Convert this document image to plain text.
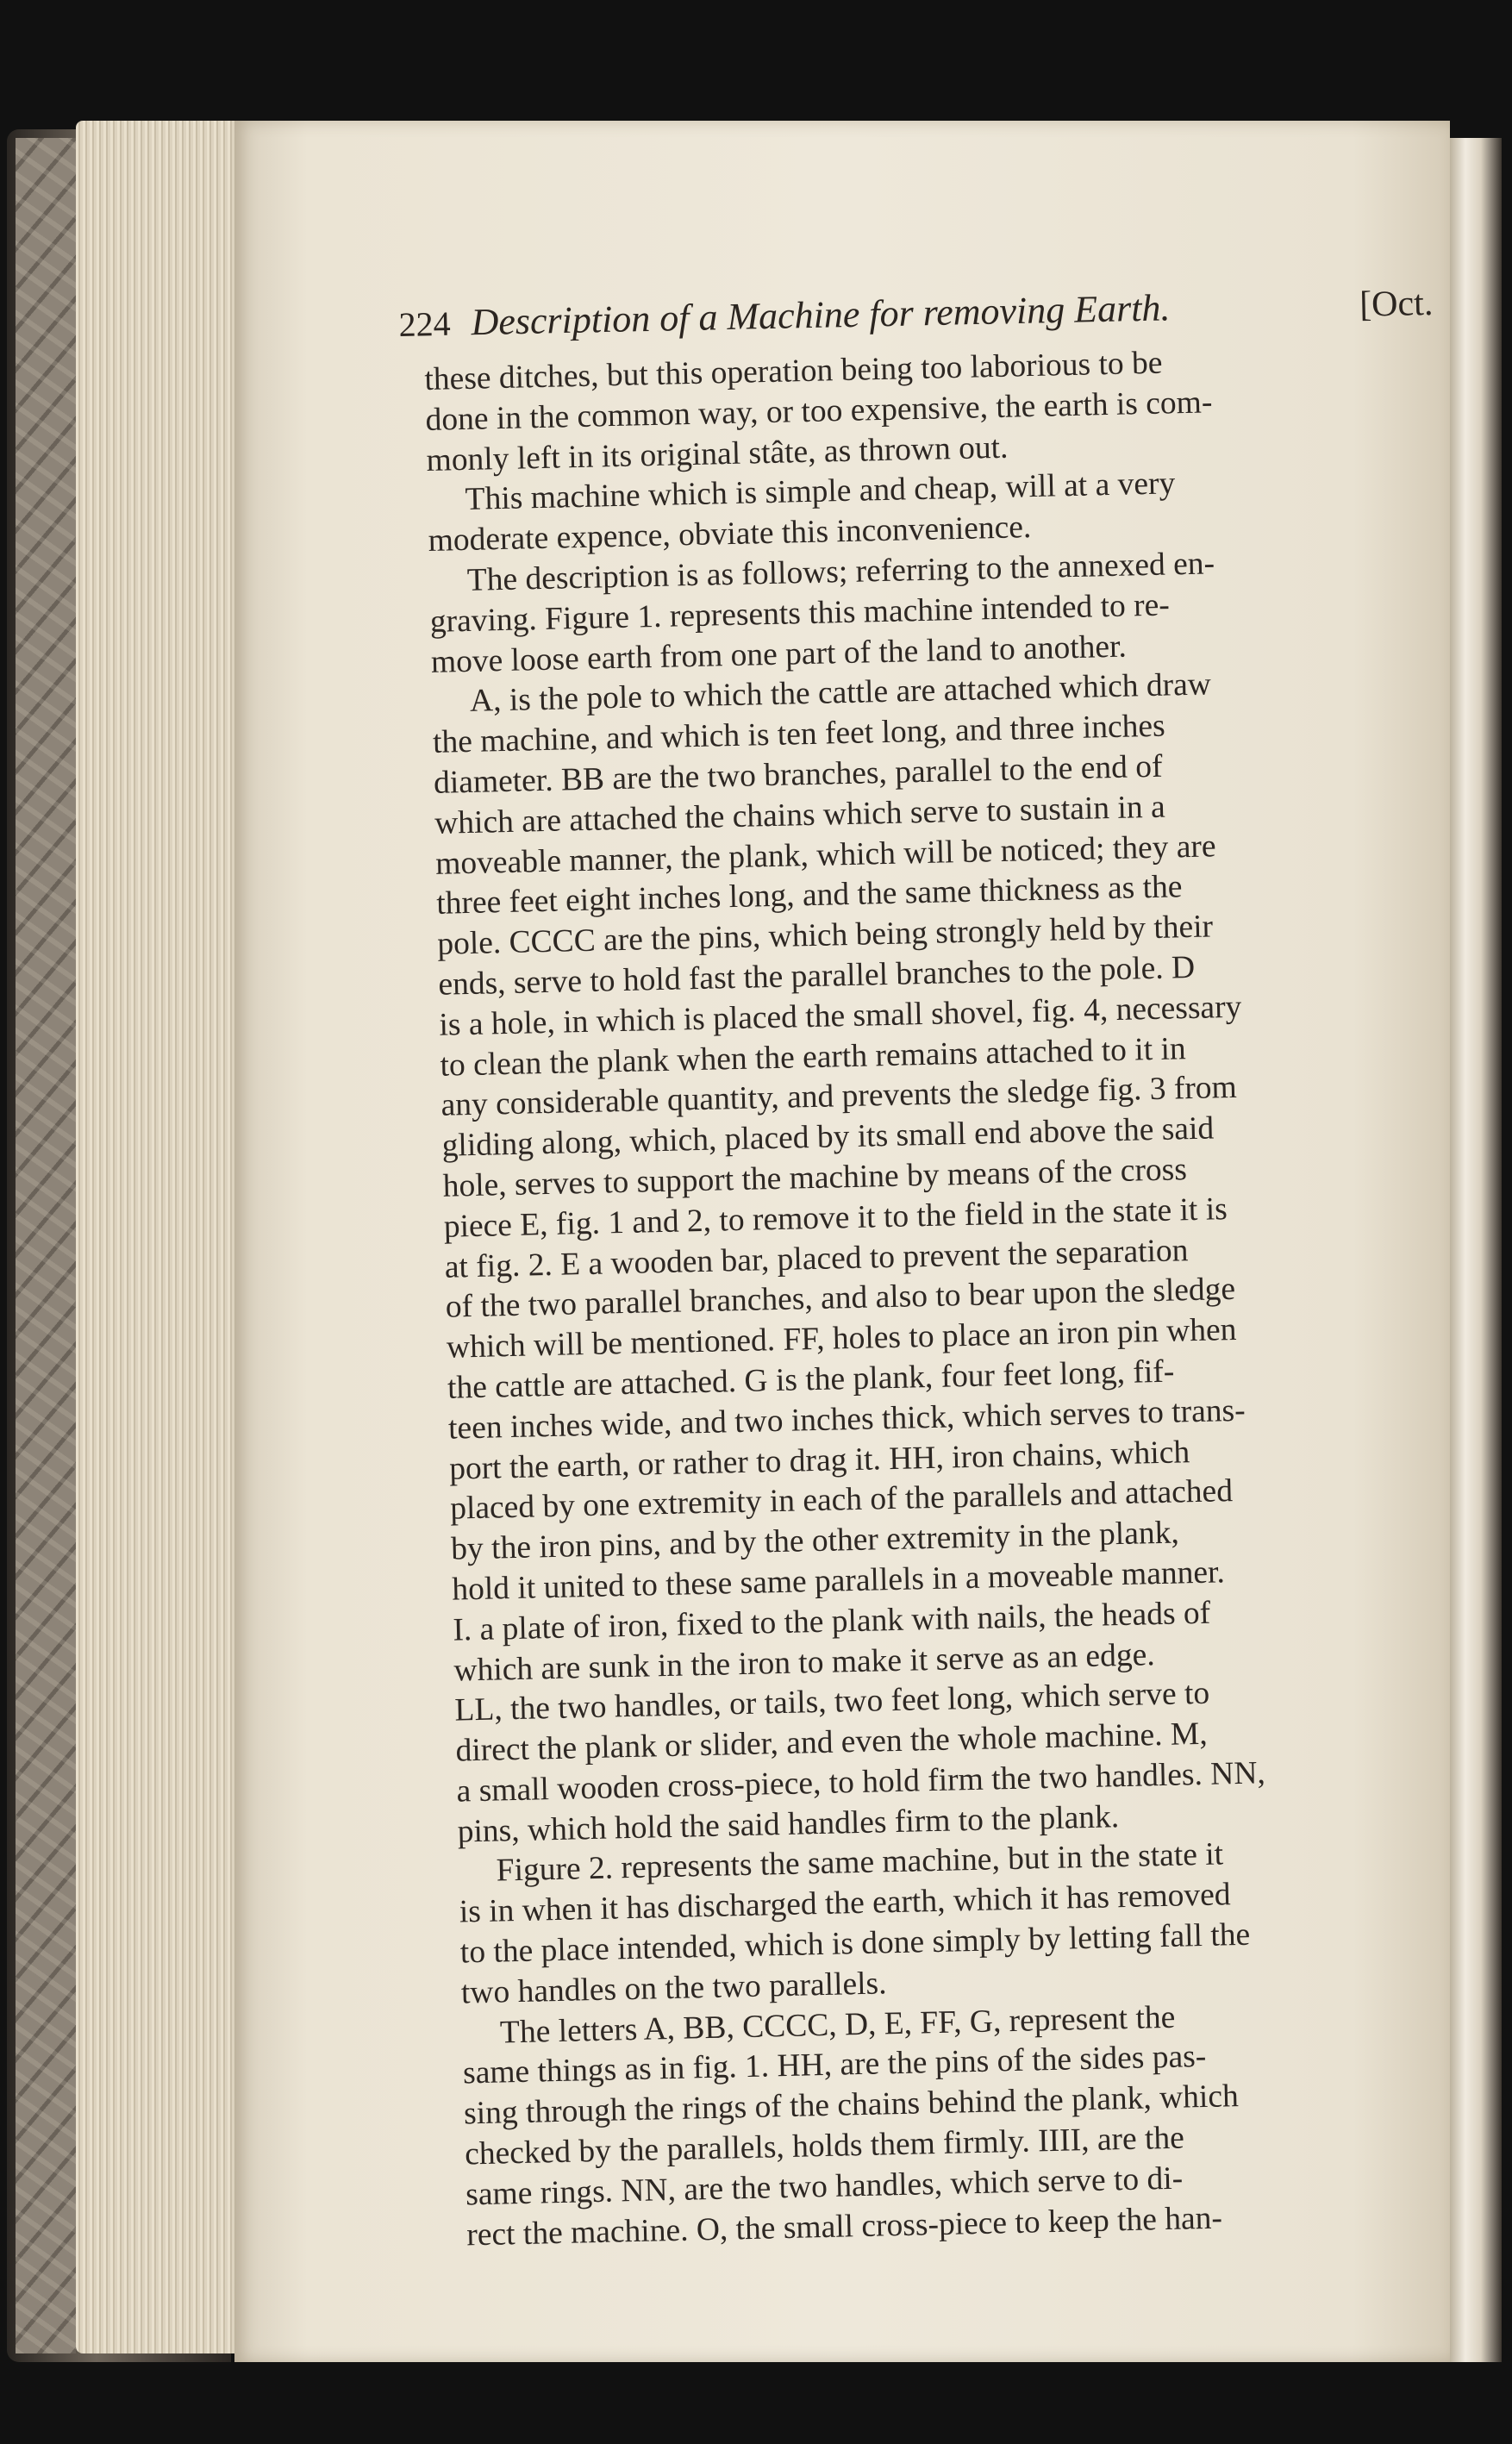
224 Description of a Machine for removing Earth.	[Oct.
these ditches, but this operation being too laborious to be
done in the common way, or too expensive, the earth is com-
monly left in its original stâte, as thrown out.
This machine which is simple and cheap, will at a very
moderate expence, obviate this inconvenience.
The description is as follows; referring to the annexed en-
graving. Figure 1. represents this machine intended to re-
move loose earth from one part of the land to another.
A, is the pole to which the cattle are attached which draw
the machine, and which is ten feet long, and three inches
diameter. BB are the two branches, parallel to the end of
which are attached the chains which serve to sustain in a
moveable manner, the plank, which will be noticed; they are
three feet eight inches long, and the same thickness as the
pole. CCCC are the pins, which being strongly held by their
ends, serve to hold fast the parallel branches to the pole. D
is a hole, in which is placed the small shovel, fig. 4, necessary
to clean the plank when the earth remains attached to it in
any considerable quantity, and prevents the sledge fig. 3 from
gliding along, which, placed by its small end above the said
hole, serves to support the machine by means of the cross
piece E, fig. 1 and 2, to remove it to the field in the state it is
at fig. 2. E a wooden bar, placed to prevent the separation
of the two parallel branches, and also to bear upon the sledge
which will be mentioned. FF, holes to place an iron pin when
the cattle are attached. G is the plank, four feet long, fif-
teen inches wide, and two inches thick, which serves to trans-
port the earth, or rather to drag it. HH, iron chains, which
placed by one extremity in each of the parallels and attached
by the iron pins, and by the other extremity in the plank,
hold it united to these same parallels in a moveable manner.
I. a plate of iron, fixed to the plank with nails, the heads of
which are sunk in the iron to make it serve as an edge.
LL, the two handles, or tails, two feet long, which serve to
direct the plank or slider, and even the whole machine. M,
a small wooden cross-piece, to hold firm the two handles. NN,
pins, which hold the said handles firm to the plank.
Figure 2. represents the same machine, but in the state it
is in when it has discharged the earth, which it has removed
to the place intended, which is done simply by letting fall the
two handles on the two parallels.
The letters A, BB, CCCC, D, E, FF, G, represent the
same things as in fig. 1. HH, are the pins of the sides pas-
sing through the rings of the chains behind the plank, which
checked by the parallels, holds them firmly. IIII, are the
same rings. NN, are the two handles, which serve to di-
rect the machine. O, the small cross-piece to keep the han-
